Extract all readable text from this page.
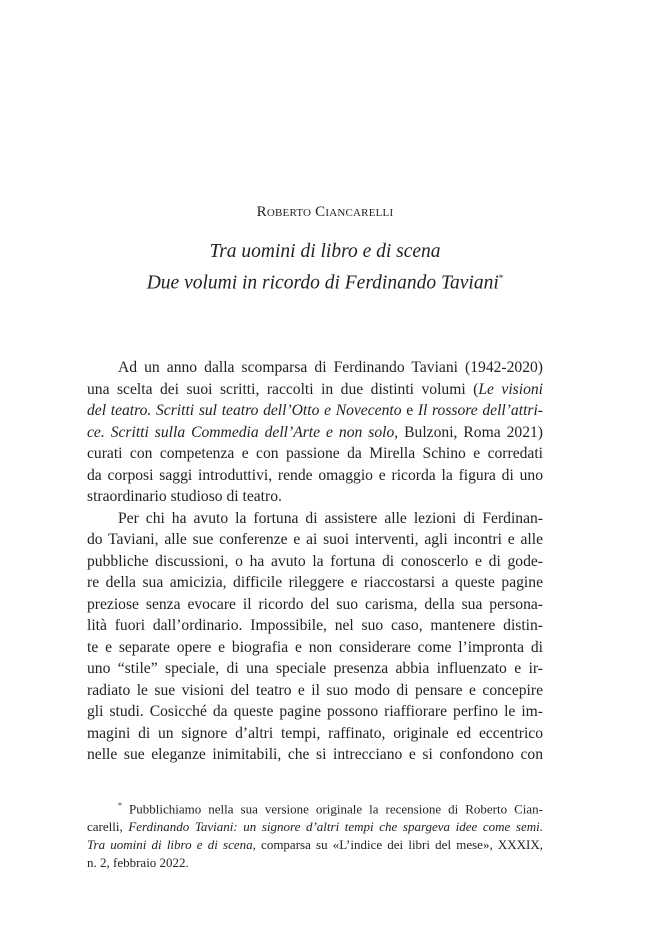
Roberto Ciancarelli
Tra uomini di libro e di scena
Due volumi in ricordo di Ferdinando Taviani*
Ad un anno dalla scomparsa di Ferdinando Taviani (1942-2020)
una scelta dei suoi scritti, raccolti in due distinti volumi (Le visioni
del teatro. Scritti sul teatro dell’Otto e Novecento e Il rossore dell’attri-
ce. Scritti sulla Commedia dell’Arte e non solo, Bulzoni, Roma 2021)
curati con competenza e con passione da Mirella Schino e corredati
da corposi saggi introduttivi, rende omaggio e ricorda la figura di uno
straordinario studioso di teatro.
Per chi ha avuto la fortuna di assistere alle lezioni di Ferdinan-
do Taviani, alle sue conferenze e ai suoi interventi, agli incontri e alle
pubbliche discussioni, o ha avuto la fortuna di conoscerlo e di gode-
re della sua amicizia, difficile rileggere e riaccostarsi a queste pagine
preziose senza evocare il ricordo del suo carisma, della sua persona-
lità fuori dall’ordinario. Impossibile, nel suo caso, mantenere distin-
te e separate opere e biografia e non considerare come l’impronta di
uno “stile” speciale, di una speciale presenza abbia influenzato e ir-
radiato le sue visioni del teatro e il suo modo di pensare e concepire
gli studi. Cosicché da queste pagine possono riaffiorare perfino le im-
magini di un signore d’altri tempi, raffinato, originale ed eccentrico
nelle sue eleganze inimitabili, che si intrecciano e si confondono con
* Pubblichiamo nella sua versione originale la recensione di Roberto Cian-
carelli, Ferdinando Taviani: un signore d’altri tempi che spargeva idee come semi.
Tra uomini di libro e di scena, comparsa su «L’indice dei libri del mese», XXXIX,
n. 2, febbraio 2022.
